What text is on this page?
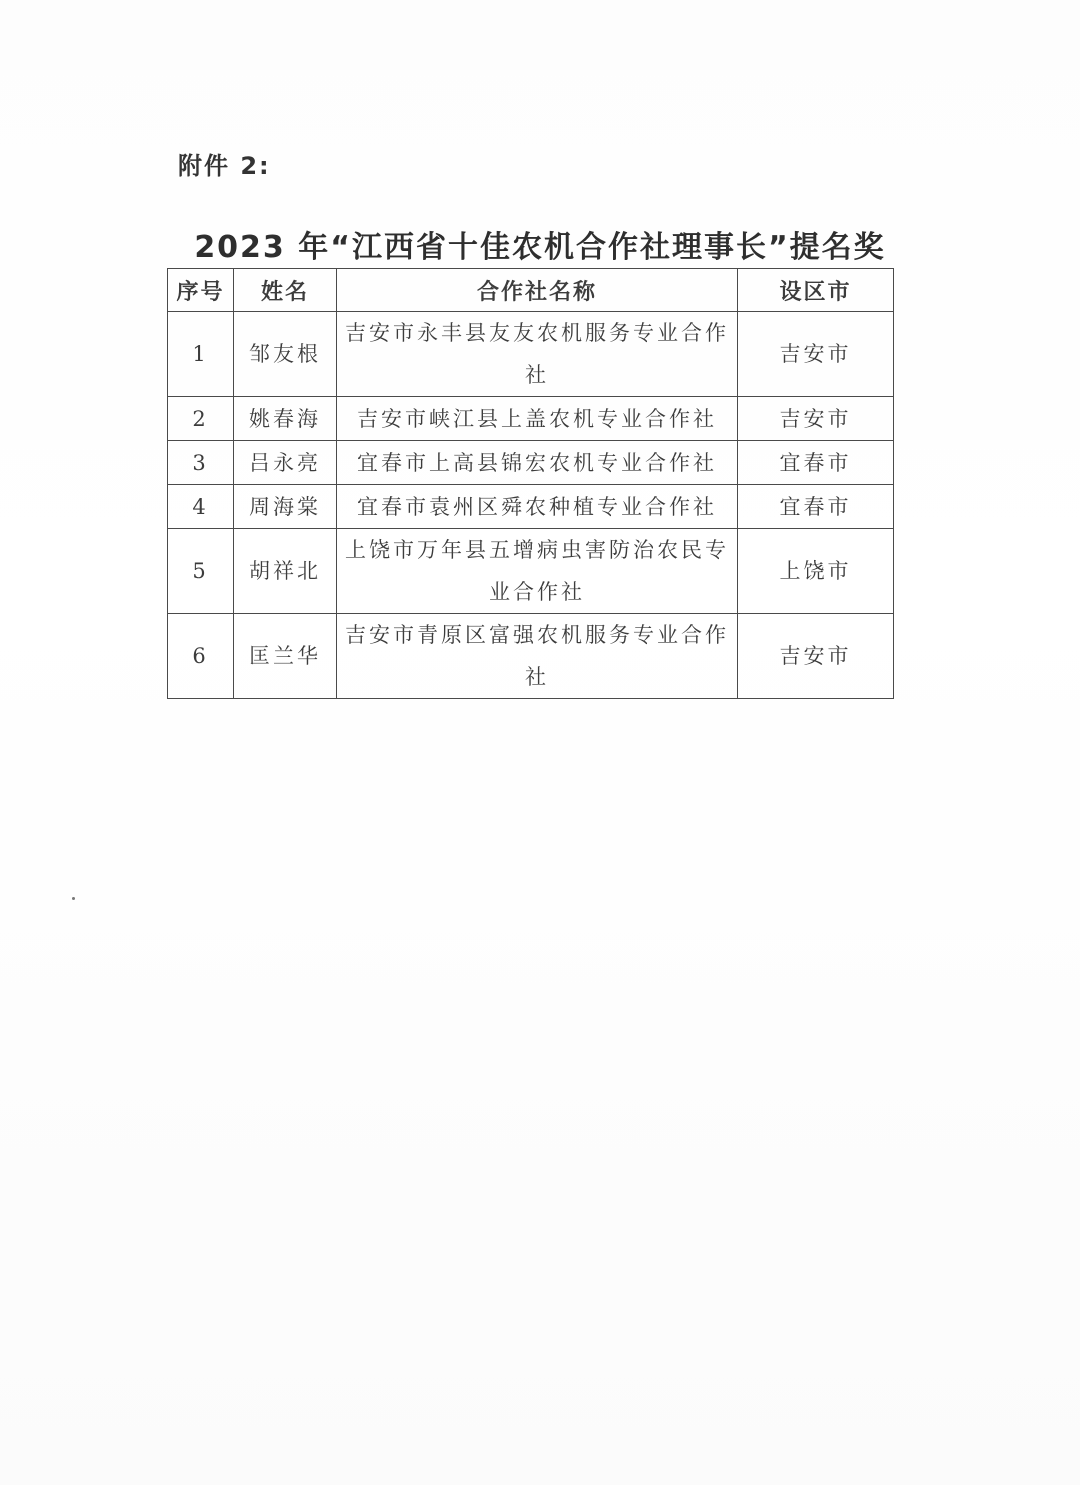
附件 2:
2023 年“江西省十佳农机合作社理事长”提名奖
序号	姓名	合作社名称	设区市
1	邹友根	吉安市永丰县友友农机服务专业合作社	吉安市
2	姚春海	吉安市峡江县上盖农机专业合作社	吉安市
3	吕永亮	宜春市上高县锦宏农机专业合作社	宜春市
4	周海棠	宜春市袁州区舜农种植专业合作社	宜春市
5	胡祥北	上饶市万年县五增病虫害防治农民专业合作社	上饶市
6	匡兰华	吉安市青原区富强农机服务专业合作社	吉安市
